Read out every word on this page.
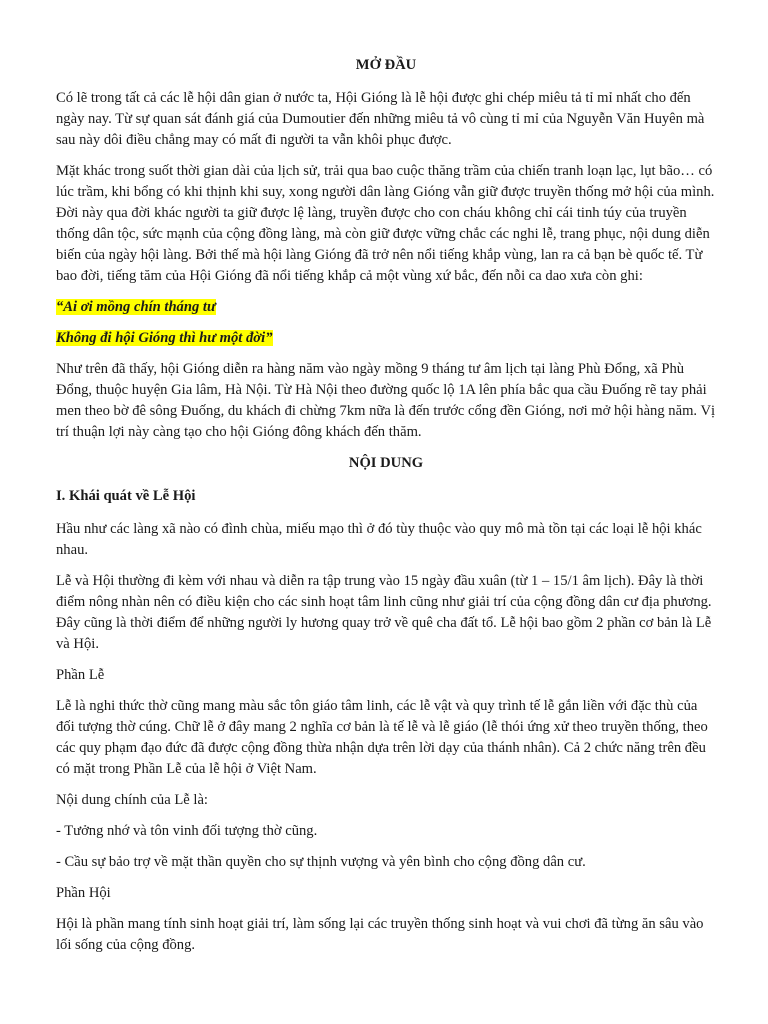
MỞ ĐẦU

Có lẽ trong tất cả các lễ hội dân gian ở nước ta, Hội Gióng là lễ hội được ghi chép miêu tả tỉ mỉ nhất cho đến ngày nay. Từ sự quan sát đánh giá của Dumoutier đến những miêu tả vô cùng tỉ mỉ của Nguyễn Văn Huyên mà sau này dôi điều chẳng may có mất đi người ta vẫn khôi phục được.

Mặt khác trong suốt thời gian dài của lịch sử, trải qua bao cuộc thăng trầm của chiến tranh loạn lạc, lụt bão… có lúc trầm, khi bổng có khi thịnh khi suy, xong người dân làng Gióng vẫn giữ được truyền thống mở hội của mình. Đời này qua đời khác người ta giữ được lệ làng, truyền được cho con cháu không chỉ cái tinh túy của truyền thống dân tộc, sức mạnh của cộng đồng làng, mà còn giữ được vững chắc các nghi lễ, trang phục, nội dung diễn biến của ngày hội làng. Bởi thế mà hội làng Gióng đã trở nên nổi tiếng khắp vùng, lan ra cả bạn bè quốc tế. Từ bao đời, tiếng tăm của Hội Gióng đã nổi tiếng khắp cả một vùng xứ bắc, đến nỗi ca dao xưa còn ghi:

“Ai ơi mồng chín tháng tư
Không đi hội Gióng thì hư một đời”

Như trên đã thấy, hội Gióng diễn ra hàng năm vào ngày mồng 9 tháng tư âm lịch tại làng Phù Đổng, xã Phù Đổng, thuộc huyện Gia lâm, Hà Nội. Từ Hà Nội theo đường quốc lộ 1A lên phía bắc qua cầu Đuống rẽ tay phải men theo bờ đê sông Đuống, du khách đi chừng 7km nữa là đến trước cổng đền Gióng, nơi mở hội hàng năm. Vị trí thuận lợi này càng tạo cho hội Gióng đông khách đến thăm.

NỘI DUNG
I. Khái quát về Lễ Hội

Hầu như các làng xã nào có đình chùa, miếu mạo thì ở đó tùy thuộc vào quy mô mà tồn tại các loại lễ hội khác nhau.

Lễ và Hội thường đi kèm với nhau và diễn ra tập trung vào 15 ngày đầu xuân (từ 1 – 15/1 âm lịch). Đây là thời điểm nông nhàn nên có điều kiện cho các sinh hoạt tâm linh cũng như giải trí của cộng đồng dân cư địa phương. Đây cũng là thời điểm để những người ly hương quay trở về quê cha đất tổ. Lễ hội bao gồm 2 phần cơ bản là Lễ và Hội.

Phần Lễ

Lễ là nghi thức thờ cũng mang màu sắc tôn giáo tâm linh, các lễ vật và quy trình tế lễ gắn liền với đặc thù của đối tượng thờ cúng. Chữ lễ ở đây mang 2 nghĩa cơ bản là tế lễ và lễ giáo (lễ thói ứng xử theo truyền thống, theo các quy phạm đạo đức đã được cộng đồng thừa nhận dựa trên lời dạy của thánh nhân). Cả 2 chức năng trên đều có mặt trong Phần Lễ của lễ hội ở Việt Nam.

Nội dung chính của Lễ là:

- Tưởng nhớ và tôn vinh đối tượng thờ cũng.

- Cầu sự bảo trợ về mặt thần quyền cho sự thịnh vượng và yên bình cho cộng đồng dân cư.

Phần Hội

Hội là phần mang tính sinh hoạt giải trí, làm sống lại các truyền thống sinh hoạt và vui chơi đã từng ăn sâu vào lối sống của cộng đồng.
